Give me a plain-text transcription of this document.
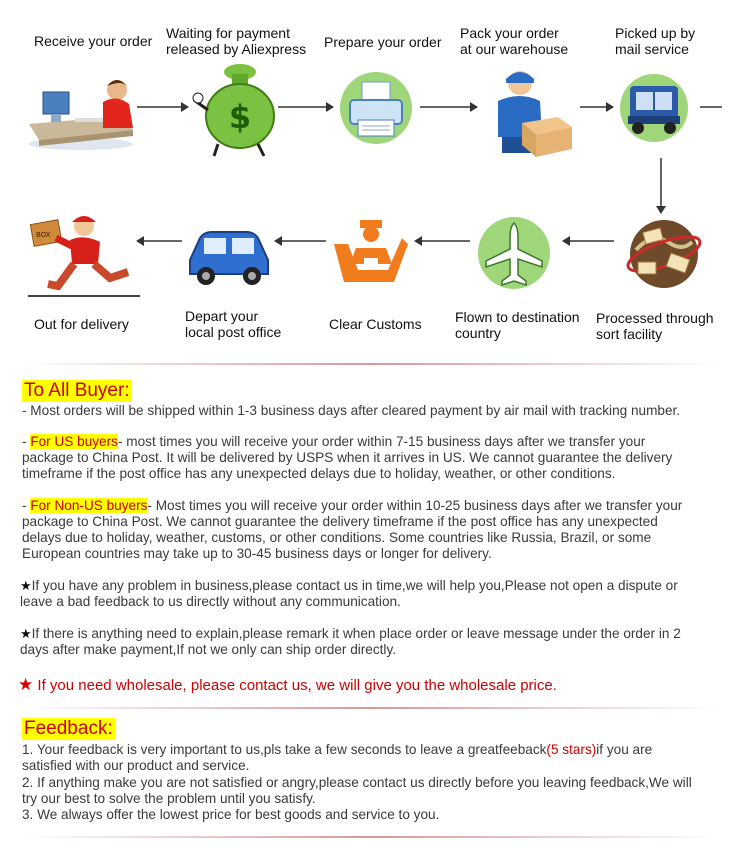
Receive your order Waiting for payment
released by Aliexpress Prepare your order
Pack your order
at our warehouse
Picked up by
mail service
Processed through
sort facility
Flown to destination
country
Clear Customs
Depart your
local post office
Out for delivery
$
BOX
To All Buyer:
- Most orders will be shipped within 1-3 business days after cleared payment by air mail with tracking number.
- For US buyers- most times you will receive your order within 7-15 business days after we transfer your
package to China Post. It will be delivered by USPS when it arrives in US. We cannot guarantee the delivery
timeframe if the post office has any unexpected delays due to holiday, weather, or other conditions.
- For Non-US buyers- Most times you will receive your order within 10-25 business days after we transfer your
package to China Post. We cannot guarantee the delivery timeframe if the post office has any unexpected
delays due to holiday, weather, customs, or other conditions. Some countries like Russia, Brazil, or some
European countries may take up to 30-45 business days or longer for delivery.
★If you have any problem in business,please contact us in time,we will help you,Please not open a dispute or
leave a bad feedback to us directly without any communication.
★If there is anything need to explain,please remark it when place order or leave message under the order in 2
days after make payment,If not we only can ship order directly.
★ If you need wholesale, please contact us, we will give you the wholesale price.
Feedback:
1. Your feedback is very important to us,pls take a few seconds to leave a greatfeeback(5 stars)if you are
satisfied with our product and service.
2. If anything make you are not satisfied or angry,please contact us directly before you leaving feedback,We will
try our best to solve the problem until you satisfy.
3. We always offer the lowest price for best goods and service to you.
